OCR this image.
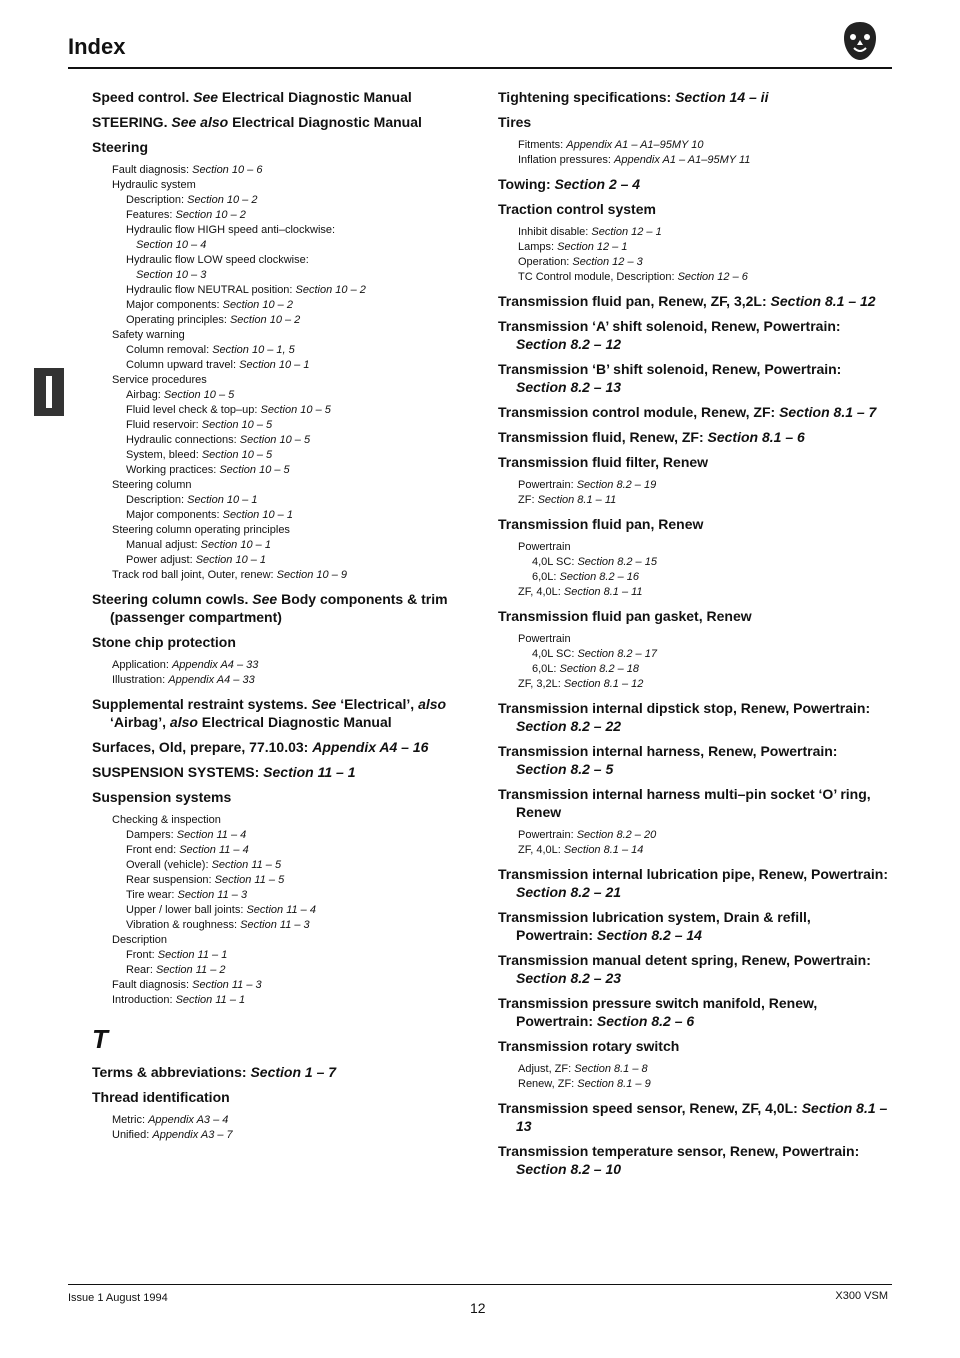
Index
Speed control. See Electrical Diagnostic Manual
STEERING. See also Electrical Diagnostic Manual
Steering
Fault diagnosis: Section 10 – 6
Hydraulic system
Description: Section 10 – 2
Features: Section 10 – 2
Hydraulic flow HIGH speed anti–clockwise:
Section 10 – 4
Hydraulic flow LOW speed clockwise:
Section 10 – 3
Hydraulic flow NEUTRAL position: Section 10 – 2
Major components: Section 10 – 2
Operating principles: Section 10 – 2
Safety warning
Column removal: Section 10 – 1, 5
Column upward travel: Section 10 – 1
Service procedures
Airbag: Section 10 – 5
Fluid level check & top–up: Section 10 – 5
Fluid reservoir: Section 10 – 5
Hydraulic connections: Section 10 – 5
System, bleed: Section 10 – 5
Working practices: Section 10 – 5
Steering column
Description: Section 10 – 1
Major components: Section 10 – 1
Steering column operating principles
Manual adjust: Section 10 – 1
Power adjust: Section 10 – 1
Track rod ball joint, Outer, renew: Section 10 – 9
Steering column cowls. See Body components & trim (passenger compartment)
Stone chip protection
Application: Appendix A4 – 33
Illustration: Appendix A4 – 33
Supplemental restraint systems. See ‘Electrical’, also ‘Airbag’, also Electrical Diagnostic Manual
Surfaces, Old, prepare, 77.10.03: Appendix A4 – 16
SUSPENSION SYSTEMS: Section 11 – 1
Suspension systems
Checking & inspection
Dampers: Section 11 – 4
Front end: Section 11 – 4
Overall (vehicle): Section 11 – 5
Rear suspension: Section 11 – 5
Tire wear: Section 11 – 3
Upper / lower ball joints: Section 11 – 4
Vibration & roughness: Section 11 – 3
Description
Front: Section 11 – 1
Rear: Section 11 – 2
Fault diagnosis: Section 11 – 3
Introduction: Section 11 – 1
T
Terms & abbreviations: Section 1 – 7
Thread identification
Metric: Appendix A3 – 4
Unified: Appendix A3 – 7
Tightening specifications: Section 14 – ii
Tires
Fitments: Appendix A1 – A1–95MY 10
Inflation pressures: Appendix A1 – A1–95MY 11
Towing: Section 2 – 4
Traction control system
Inhibit disable: Section 12 – 1
Lamps: Section 12 – 1
Operation: Section 12 – 3
TC Control module, Description: Section 12 – 6
Transmission fluid pan, Renew, ZF, 3,2L: Section 8.1 – 12
Transmission ‘A’ shift solenoid, Renew, Powertrain: Section 8.2 – 12
Transmission ‘B’ shift solenoid, Renew, Powertrain: Section 8.2 – 13
Transmission control module, Renew, ZF: Section 8.1 – 7
Transmission fluid, Renew, ZF: Section 8.1 – 6
Transmission fluid filter, Renew
Powertrain: Section 8.2 – 19
ZF: Section 8.1 – 11
Transmission fluid pan, Renew
Powertrain
4,0L SC: Section 8.2 – 15
6,0L: Section 8.2 – 16
ZF, 4,0L: Section 8.1 – 11
Transmission fluid pan gasket, Renew
Powertrain
4,0L SC: Section 8.2 – 17
6,0L: Section 8.2 – 18
ZF, 3,2L: Section 8.1 – 12
Transmission internal dipstick stop, Renew, Powertrain: Section 8.2 – 22
Transmission internal harness, Renew, Powertrain: Section 8.2 – 5
Transmission internal harness multi–pin socket ‘O’ ring, Renew
Powertrain: Section 8.2 – 20
ZF, 4,0L: Section 8.1 – 14
Transmission internal lubrication pipe, Renew, Powertrain: Section 8.2 – 21
Transmission lubrication system, Drain & refill, Powertrain: Section 8.2 – 14
Transmission manual detent spring, Renew, Powertrain: Section 8.2 – 23
Transmission pressure switch manifold, Renew, Powertrain: Section 8.2 – 6
Transmission rotary switch
Adjust, ZF: Section 8.1 – 8
Renew, ZF: Section 8.1 – 9
Transmission speed sensor, Renew, ZF, 4,0L: Section 8.1 – 13
Transmission temperature sensor, Renew, Powertrain: Section 8.2 – 10
Issue 1 August 1994
12
X300 VSM
